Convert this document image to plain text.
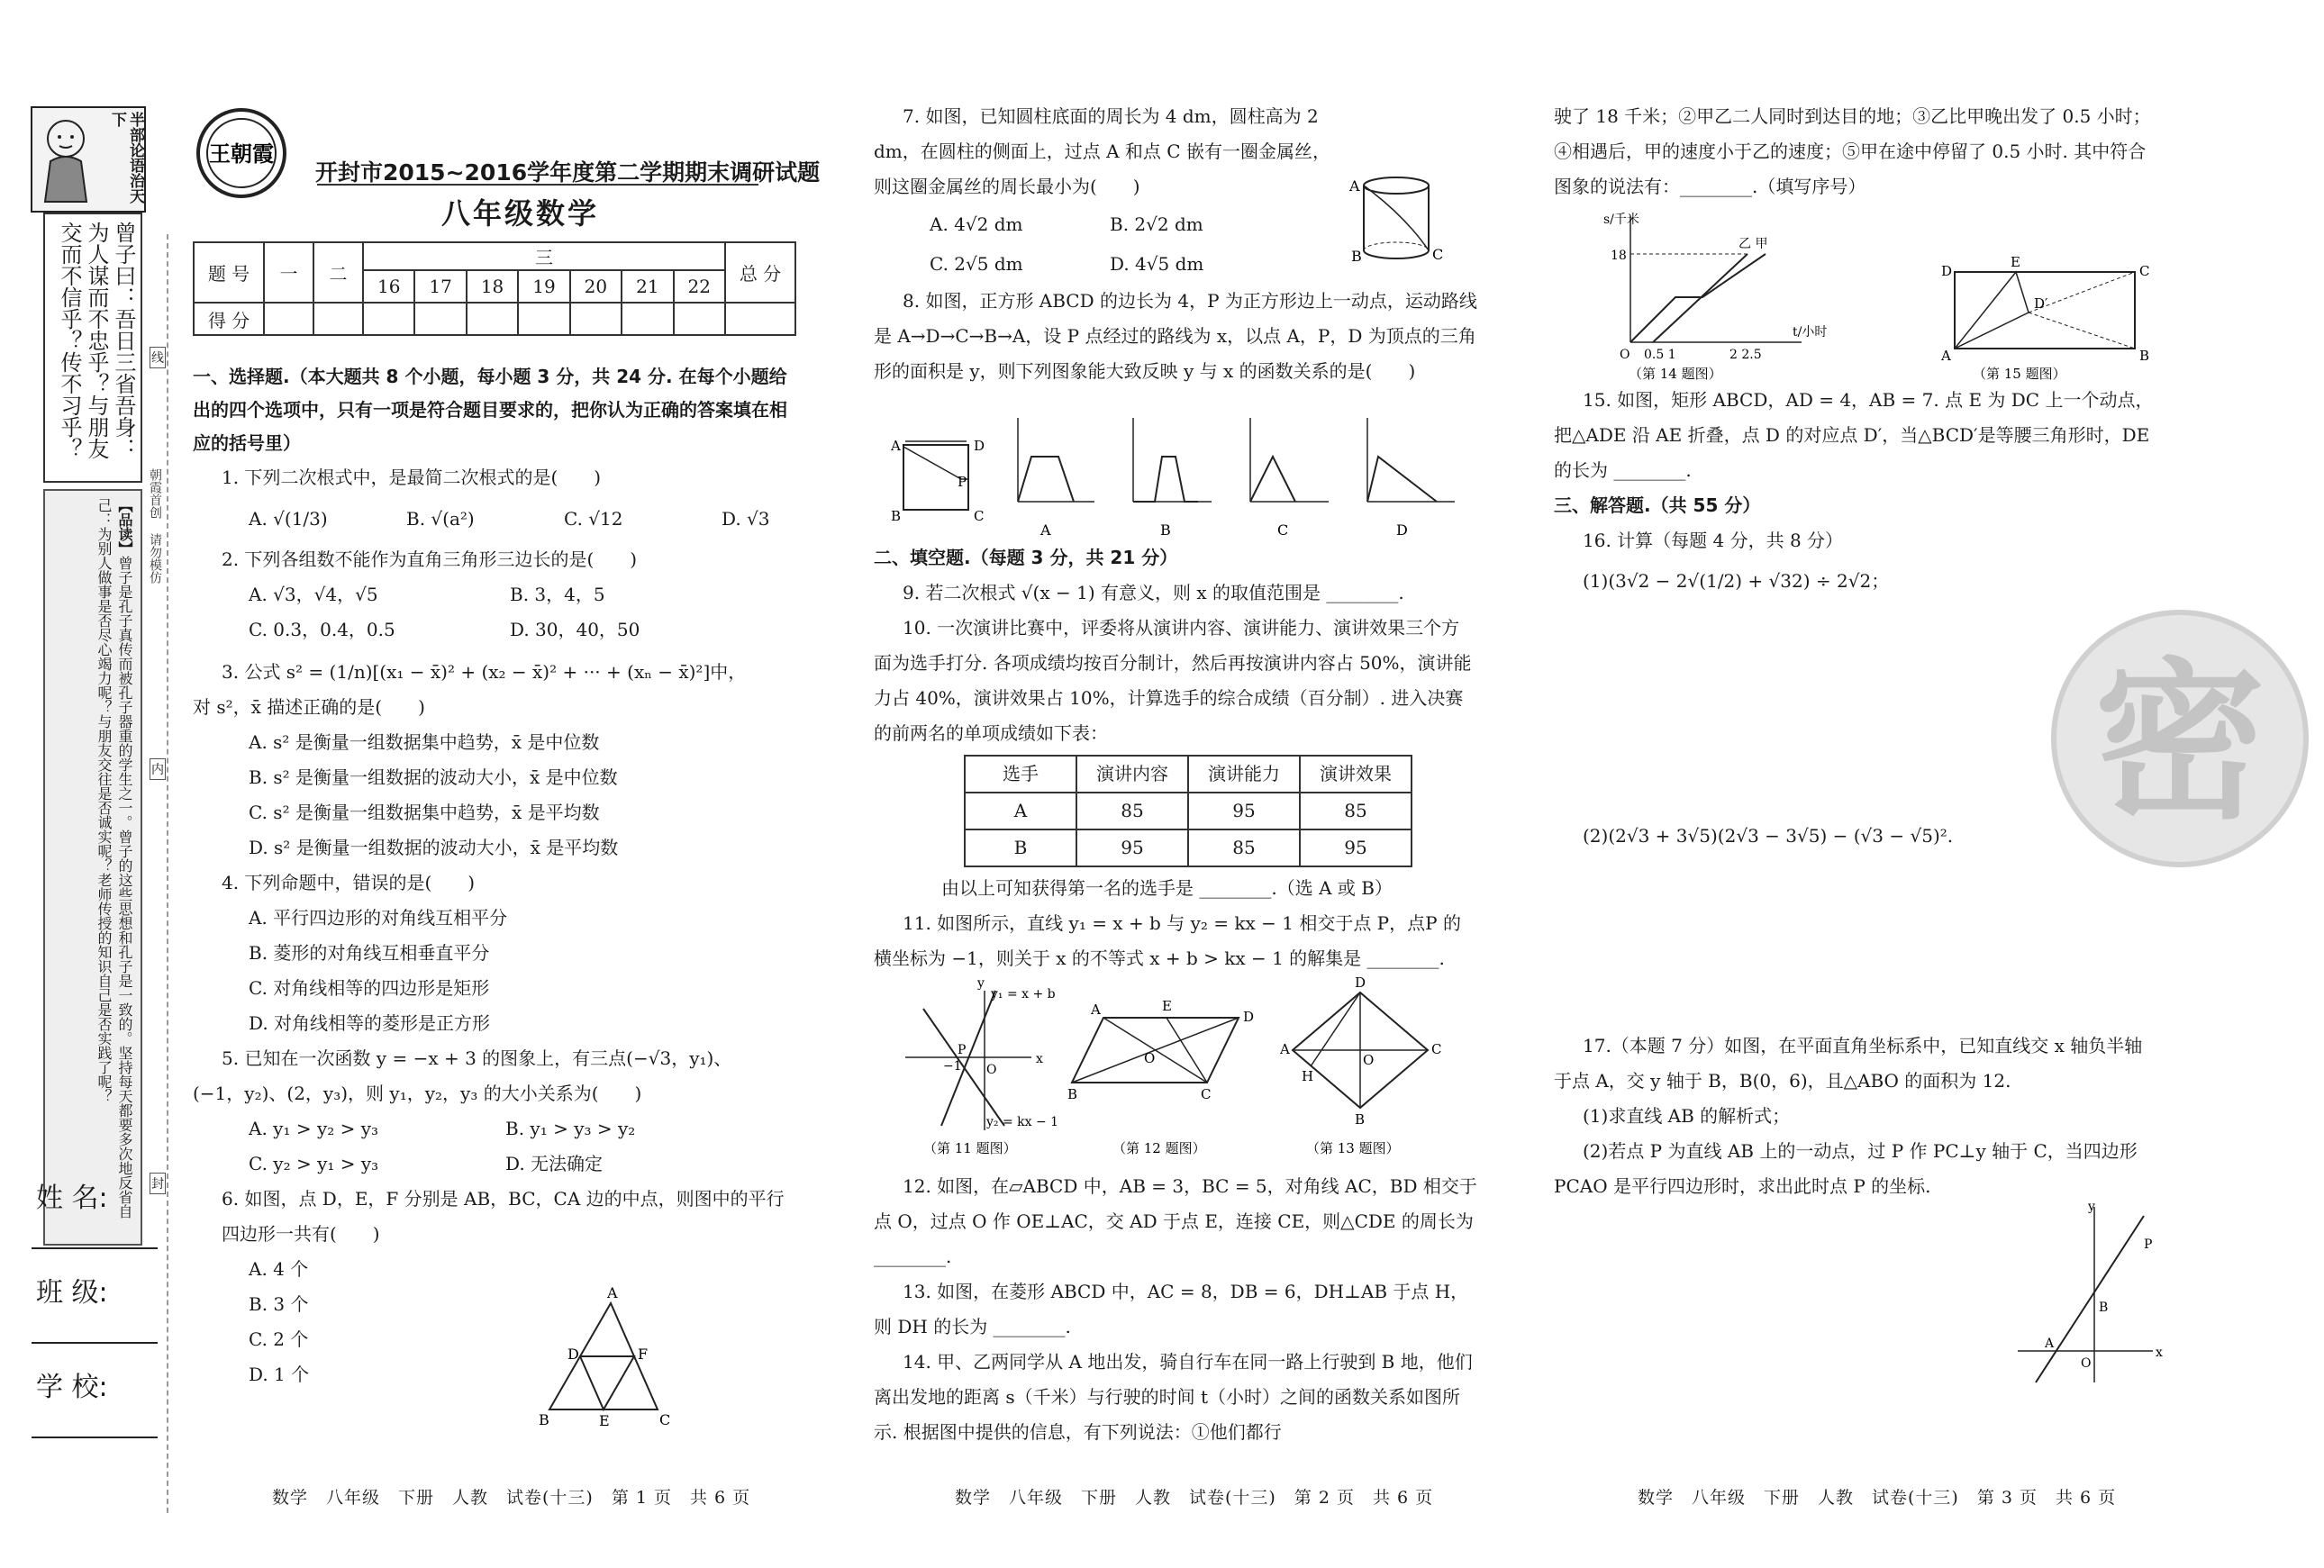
半部论语治天下
曾子曰：吾日三省吾身：为人谋而不忠乎？与朋友交而不信乎？传不习乎？
【品读】曾子是孔子真传而被孔子器重的学生之一。曾子的这些思想和孔子是一致的。坚持每天都要多次地反省自己：为别人做事是否尽心竭力呢？与朋友交往是否诚实呢？老师传授的知识自己是否实践了呢？	朝霞首创 请勿模仿
线
内
封
姓 名:
班 级:
学 校:
王朝霞
开封市2015~2016学年度第二学期期末调研试题
八年级数学
题 号	一	二	三							总 分
			16	17	18	19	20	21	22	
得 分										
一、选择题.（本大题共 8 个小题，每小题 3 分，共 24 分. 在每个小题给出的四个选项中，只有一项是符合题目要求的，把你认为正确的答案填在相应的括号里）
1. 下列二次根式中，是最简二次根式的是(　　)
A. √(1/3)	B. √(a²)	C. √12	D. √3
2. 下列各组数不能作为直角三角形三边长的是(　　)
A. √3，√4，√5	B. 3，4，5
C. 0.3，0.4，0.5	D. 30，40，50
3. 公式 s² = (1/n)[(x₁ − x̄)² + (x₂ − x̄)² + ··· + (xₙ − x̄)²]中，
对 s²，x̄ 描述正确的是(　　)
A. s² 是衡量一组数据集中趋势，x̄ 是中位数
B. s² 是衡量一组数据的波动大小，x̄ 是中位数
C. s² 是衡量一组数据集中趋势，x̄ 是平均数
D. s² 是衡量一组数据的波动大小，x̄ 是平均数
4. 下列命题中，错误的是(　　)
A. 平行四边形的对角线互相平分
B. 菱形的对角线互相垂直平分
C. 对角线相等的四边形是矩形
D. 对角线相等的菱形是正方形
5. 已知在一次函数 y = −x + 3 的图象上，有三点(−√3，y₁)、
(−1，y₂)、(2，y₃)，则 y₁，y₂，y₃ 的大小关系为(　　)
A. y₁ > y₂ > y₃	B. y₁ > y₃ > y₂
C. y₂ > y₁ > y₃	D. 无法确定
6. 如图，点 D，E，F 分别是 AB，BC，CA 边的中点，则图中的平行四边形一共有(　　)
A. 4 个
B. 3 个
C. 2 个
D. 1 个
A
B	C
D
E
F
7. 如图，已知圆柱底面的周长为 4 dm，圆柱高为 2 dm，在圆柱的侧面上，过点 A 和点 C 嵌有一圈金属丝，则这圈金属丝的周长最小为(　　)
A. 4√2 dm	B. 2√2 dm
C. 2√5 dm	D. 4√5 dm
8. 如图，正方形 ABCD 的边长为 4，P 为正方形边上一动点，运动路线是 A→D→C→B→A，设 P 点经过的路线为 x，以点 A，P，D 为顶点的三角形的面积是 y，则下列图象能大致反映 y 与 x 的函数关系的是(　　)
A
C
B
A	D
B	C
P
A	B	C	D
二、填空题.（每题 3 分，共 21 分）
9. 若二次根式 √(x − 1) 有意义，则 x 的取值范围是 ________.
10. 一次演讲比赛中，评委将从演讲内容、演讲能力、演讲效果三个方面为选手打分. 各项成绩均按百分制计，然后再按演讲内容占 50%，演讲能力占 40%，演讲效果占 10%，计算选手的综合成绩（百分制）. 进入决赛的前两名的单项成绩如下表：
选手	演讲内容	演讲能力	演讲效果
A	85	95	85
B	95	85	95
由以上可知获得第一名的选手是 ________.（选 A 或 B）
11. 如图所示，直线 y₁ = x + b 与 y₂ = kx − 1 相交于点 P，点P 的横坐标为 −1，则关于 x 的不等式 x + b > kx − 1 的解集是 ________.
y₁ = x + b
y₂ = kx − 1
−1 O
P
x
y
（第 11 题图）
A	E
D
B	C
O
（第 12 题图）
D
A	C
B
H
O
（第 13 题图）
12. 如图，在▱ABCD 中，AB = 3，BC = 5，对角线 AC，BD 相交于点 O，过点 O 作 OE⊥AC，交 AD 于点 E，连接 CE，则△CDE 的周长为 ________.
13. 如图，在菱形 ABCD 中，AC = 8，DB = 6，DH⊥AB 于点 H，则 DH 的长为 ________.
14. 甲、乙两同学从 A 地出发，骑自行车在同一路上行驶到 B 地，他们离出发地的距离 s（千米）与行驶的时间 t（小时）之间的函数关系如图所示. 根据图中提供的信息，有下列说法：①他们都行
驶了 18 千米；②甲乙二人同时到达目的地；③乙比甲晚出发了 0.5 小时；④相遇后，甲的速度小于乙的速度；⑤甲在途中停留了 0.5 小时. 其中符合图象的说法有：________.（填写序号）
s/千米
18
O 0.5 1	2 2.5
t/小时
乙 甲
（第 14 题图）
D
E
C
A	B
D′
（第 15 题图）
15. 如图，矩形 ABCD，AD = 4，AB = 7. 点 E 为 DC 上一个动点，把△ADE 沿 AE 折叠，点 D 的对应点 D′，当△BCD′是等腰三角形时，DE 的长为 ________.
三、解答题.（共 55 分）
16. 计算（每题 4 分，共 8 分）
(1)(3√2 − 2√(1/2) + √32) ÷ 2√2；
(2)(2√3 + 3√5)(2√3 − 3√5) − (√3 − √5)².
17.（本题 7 分）如图，在平面直角坐标系中，已知直线交 x 轴负半轴于点 A，交 y 轴于 B，B(0，6)，且△ABO 的面积为 12.
(1)求直线 AB 的解析式；
(2)若点 P 为直线 AB 上的一动点，过 P 作 PC⊥y 轴于 C，当四边形 PCAO 是平行四边形时，求出此时点 P 的坐标.
y
x
O
A
B
P
密
数学　八年级　下册　人教　试卷(十三)　第 1 页　共 6 页	数学　八年级　下册　人教　试卷(十三)　第 2 页　共 6 页	数学　八年级　下册　人教　试卷(十三)　第 3 页　共 6 页
